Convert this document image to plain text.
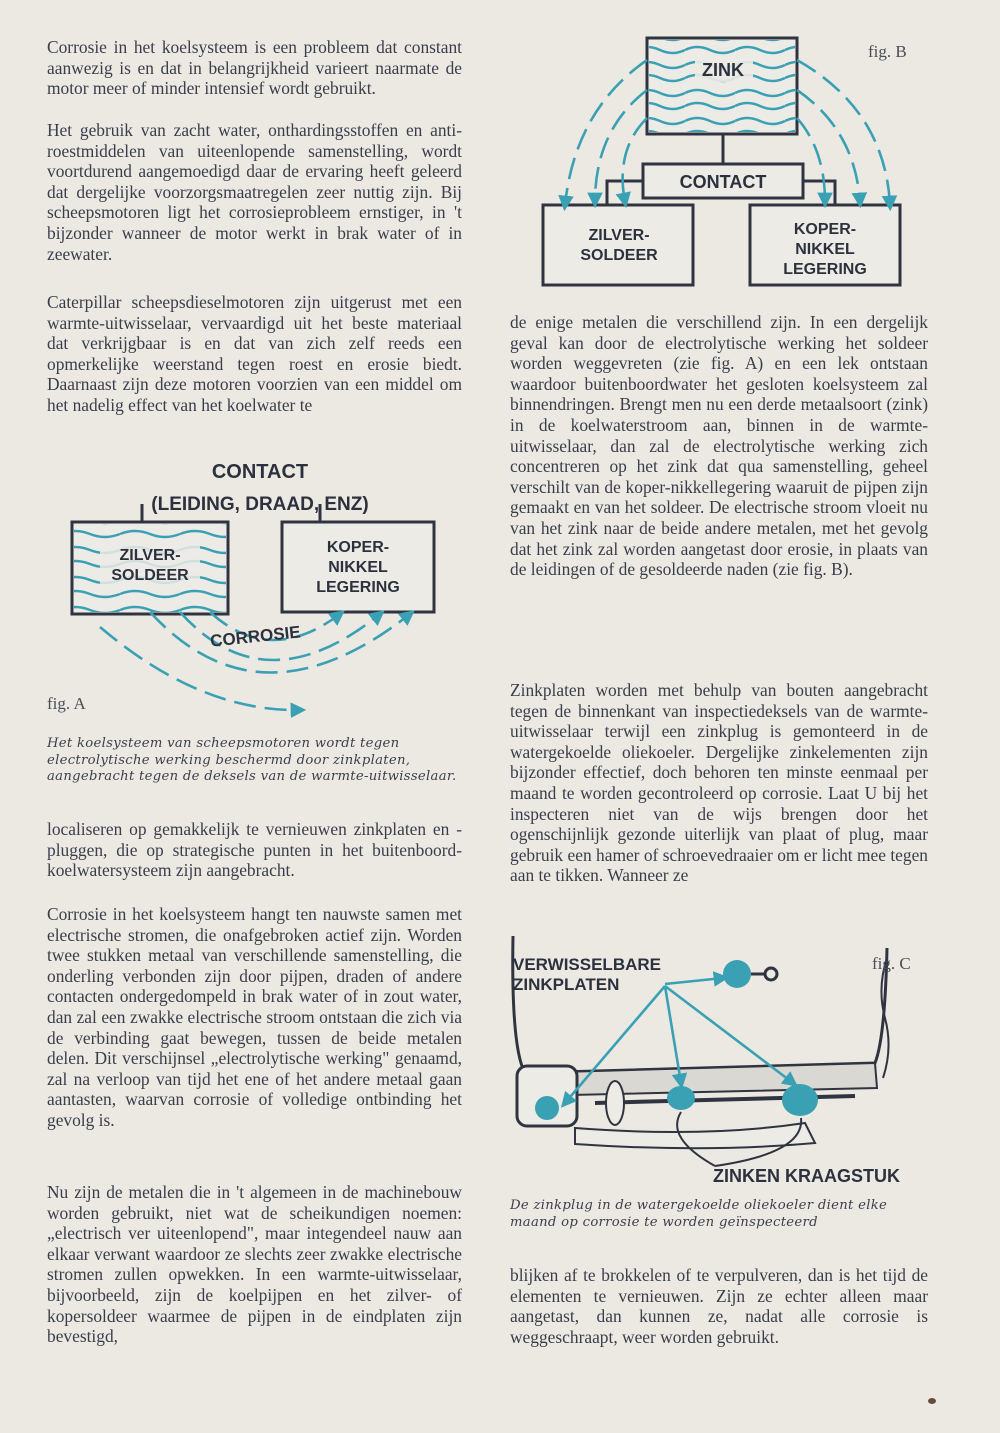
Corrosie in het koelsysteem is een probleem dat constant aanwezig is en dat in belangrijkheid varieert naarmate de motor meer of minder intensief wordt gebruikt.

Het gebruik van zacht water, onthardingsstoffen en anti-roestmiddelen van uiteenlopende samenstelling, wordt voortdurend aangemoedigd daar de ervaring heeft geleerd dat dergelijke voorzorgsmaatregelen zeer nuttig zijn. Bij scheepsmotoren ligt het corrosieprobleem ernstiger, in 't bijzonder wanneer de motor werkt in brak water of in zeewater.

Caterpillar scheepsdieselmotoren zijn uitgerust met een warmte-uitwisselaar, vervaardigd uit het beste materiaal dat verkrijgbaar is en dat van zich zelf reeds een opmerkelijke weerstand tegen roest en erosie biedt. Daarnaast zijn deze motoren voorzien van een middel om het nadelig effect van het koelwater te

CONTACT
(LEIDING, DRAAD, ENZ)
ZILVER-
SOLDEER
KOPER-
NIKKEL
LEGERING
CORROSIE
fig. A
Het koelsysteem van scheepsmotoren wordt tegen electrolytische werking beschermd door zinkplaten, aangebracht tegen de deksels van de warmte-uitwisselaar.

localiseren op gemakkelijk te vernieuwen zinkplaten en -pluggen, die op strategische punten in het buitenboord-koelwatersysteem zijn aangebracht.

Corrosie in het koelsysteem hangt ten nauwste samen met electrische stromen, die onafgebroken actief zijn. Worden twee stukken metaal van verschillende samenstelling, die onderling verbonden zijn door pijpen, draden of andere contacten ondergedompeld in brak water of in zout water, dan zal een zwakke electrische stroom ontstaan die zich via de verbinding gaat bewegen, tussen de beide metalen delen. Dit verschijnsel „electrolytische werking" genaamd, zal na verloop van tijd het ene of het andere metaal gaan aantasten, waarvan corrosie of volledige ontbinding het gevolg is.

Nu zijn de metalen die in 't algemeen in de machinebouw worden gebruikt, niet wat de scheikundigen noemen: „electrisch ver uiteenlopend", maar integendeel nauw aan elkaar verwant waardoor ze slechts zeer zwakke electrische stromen zullen opwekken. In een warmte-uitwisselaar, bijvoorbeeld, zijn de koelpijpen en het zilver- of kopersoldeer waarmee de pijpen in de eindplaten zijn bevestigd,

ZINK
CONTACT
ZILVER-
SOLDEER
KOPER-
NIKKEL
LEGERING
fig. B

de enige metalen die verschillend zijn. In een dergelijk geval kan door de electrolytische werking het soldeer worden weggevreten (zie fig. A) en een lek ontstaan waardoor buitenboordwater het gesloten koelsysteem zal binnendringen. Brengt men nu een derde metaalsoort (zink) in de koelwaterstroom aan, binnen in de warmte-uitwisselaar, dan zal de electrolytische werking zich concentreren op het zink dat qua samenstelling, geheel verschilt van de koper-nikkellegering waaruit de pijpen zijn gemaakt en van het soldeer. De electrische stroom vloeit nu van het zink naar de beide andere metalen, met het gevolg dat het zink zal worden aangetast door erosie, in plaats van de leidingen of de gesoldeerde naden (zie fig. B).

Zinkplaten worden met behulp van bouten aangebracht tegen de binnenkant van inspectiedeksels van de warmte-uitwisselaar terwijl een zinkplug is gemonteerd in de watergekoelde oliekoeler. Dergelijke zinkelementen zijn bijzonder effectief, doch behoren ten minste eenmaal per maand te worden gecontroleerd op corrosie. Laat U bij het inspecteren niet van de wijs brengen door het ogenschijnlijk gezonde uiterlijk van plaat of plug, maar gebruik een hamer of schroevedraaier om er licht mee tegen aan te tikken. Wanneer ze

VERWISSELBARE
ZINKPLATEN
ZINKEN KRAAGSTUK
fig. C
De zinkplug in de watergekoelde oliekoeler dient elke maand op corrosie te worden geïnspecteerd

blijken af te brokkelen of te verpulveren, dan is het tijd de elementen te vernieuwen. Zijn ze echter alleen maar aangetast, dan kunnen ze, nadat alle corrosie is weggeschraapt, weer worden gebruikt.
